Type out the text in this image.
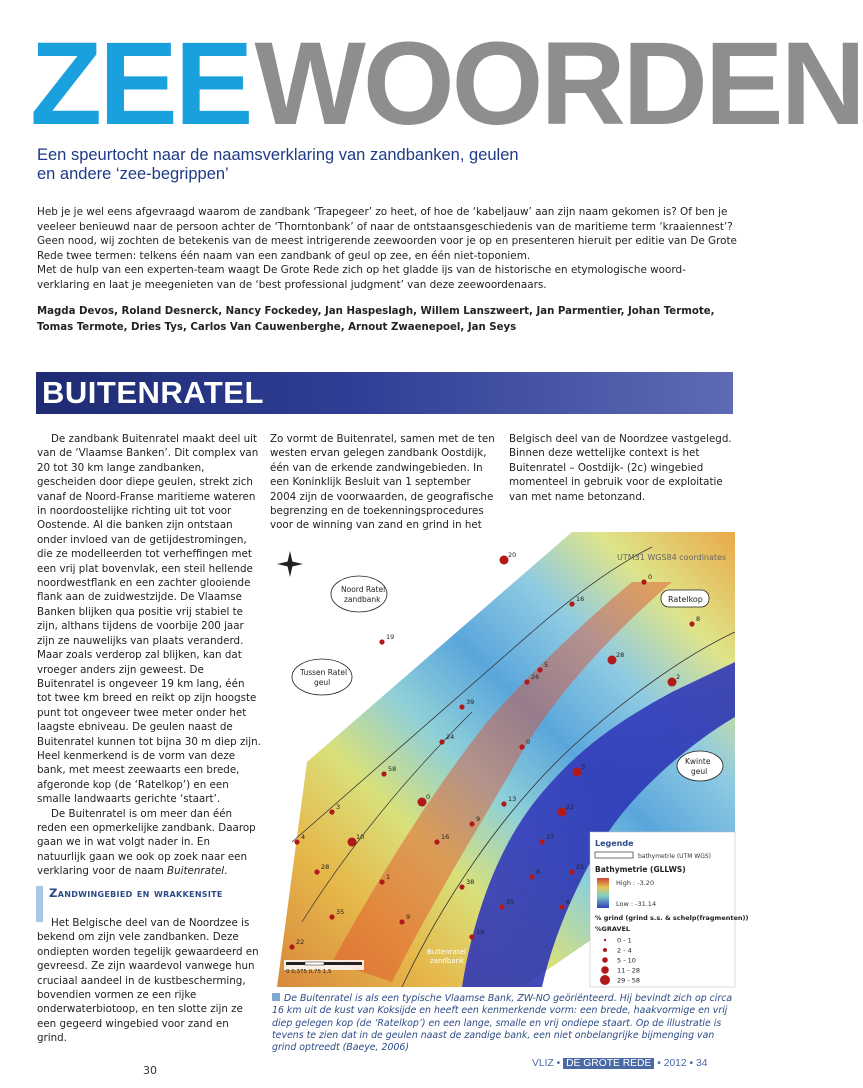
ZEEWOORDEN
Een speurtocht naar de naamsverklaring van zandbanken, geulen
en andere ‘zee-begrippen’

Heb je je wel eens afgevraagd waarom de zandbank ‘Trapegeer’ zo heet, of hoe de ‘kabeljauw’ aan zijn naam gekomen is? Of ben je veeleer benieuwd naar de persoon achter de ‘Thorntonbank’ of naar de ontstaansgeschiedenis van de maritieme term ‘kraaiennest’? Geen nood, wij zochten de betekenis van de meest intrigerende zeewoorden voor je op en presenteren hieruit per editie van De Grote Rede twee termen: telkens één naam van een zandbank of geul op zee, en één niet-toponiem.

Met de hulp van een experten-team waagt De Grote Rede zich op het gladde ijs van de historische en etymologische woord-verklaring en laat je meegenieten van de ‘best professional judgment’ van deze zeewoordenaars.

Magda Devos, Roland Desnerck, Nancy Fockedey, Jan Haspeslagh, Willem Lanszweert, Jan Parmentier, Johan Termote, Tomas Termote, Dries Tys, Carlos Van Cauwenberghe, Arnout Zwaenepoel, Jan Seys
BUITENRATEL

De zandbank Buitenratel maakt deel uit van de ‘Vlaamse Banken’. Dit complex van 20 tot 30 km lange zandbanken, gescheiden door diepe geulen, strekt zich vanaf de Noord-Franse maritieme wateren in noordoostelijke richting uit tot voor Oostende. Al die banken zijn ontstaan onder invloed van de getijdestromingen, die ze modelleerden tot verheffingen met een vrij plat bovenvlak, een steil hellende noordwestflank en een zachter glooiende flank aan de zuidwestzijde. De Vlaamse Banken blijken qua positie vrij stabiel te zijn, althans tijdens de voorbije 200 jaar zijn ze nauwelijks van plaats veranderd. Maar zoals verderop zal blijken, kan dat vroeger anders zijn geweest. De Buitenratel is ongeveer 19 km lang, één tot twee km breed en reikt op zijn hoogste punt tot ongeveer twee meter onder het laagste ebniveau. De geulen naast de Buitenratel kunnen tot bijna 30 m diep zijn. Heel kenmerkend is de vorm van deze bank, met meest zeewaarts een brede, afgeronde kop (de ‘Ratelkop’) en een smalle landwaarts gerichte ‘staart’.

De Buitenratel is om meer dan één reden een opmerkelijke zandbank. Daarop gaan we in wat volgt nader in. En natuurlijk gaan we ook op zoek naar een verklaring voor de naam Buitenratel.

Zandwingebied en wrakkensite

Het Belgische deel van de Noordzee is bekend om zijn vele zandbanken. Deze ondiepten worden tegelijk gewaardeerd en gevreesd. Ze zijn waardevol vanwege hun cruciaal aandeel in de kustbescherming, bovendien vormen ze een rijke onderwaterbiotoop, en ten slotte zijn ze een gegeerd wingebied voor zand en grind.

Zo vormt de Buitenratel, samen met de ten westen ervan gelegen zandbank Oostdijk, één van de erkende zandwingebieden. In een Koninklijk Besluit van 1 september 2004 zijn de voorwaarden, de geografische begrenzing en de toekenningsprocedures voor de winning van zand en grind in het

Belgisch deel van de Noordzee vastgelegd. Binnen deze wettelijke context is het Buitenratel – Oostdijk- (2c) wingebied momenteel in gebruik voor de exploitatie van met name betonzand.

UTM31 WGS84 coordinates
Ratelkop
Noord Ratel
zandbank
Tussen Ratel
geul
Kwinte
geul
Buitenratel
zandbank
20
0
16
8
19
28
26
39
58
5
2
3
4
28
0
3
9
13
16
1
22
37
38
35
19
0
35
6
22
6
10
9
25
24
Legende
bathymetrie (UTM WGS)
Bathymetrie (GLLWS)
High : -3.20
Low : -31.14
% grind (grind s.s. & schelp(fragmenten))
%GRAVEL
0 - 1
2 - 4
5 - 10
11 - 28
29 - 58
0 0,375 0,75 1,5
De Buitenratel is als een typische Vlaamse Bank, ZW-NO geöriënteerd. Hij bevindt zich op circa 16 km uit de kust van Koksijde en heeft een kenmerkende vorm: een brede, haakvormige en vrij diep gelegen kop (de ‘Ratelkop’) en een lange, smalle en vrij ondiepe staart. Op de illustratie is tevens te zien dat in de geulen naast de zandige bank, een niet onbelangrijke bijmenging van grind optreedt (Baeye, 2006)
30
VLIZ • DE GROTE REDE • 2012 • 34
